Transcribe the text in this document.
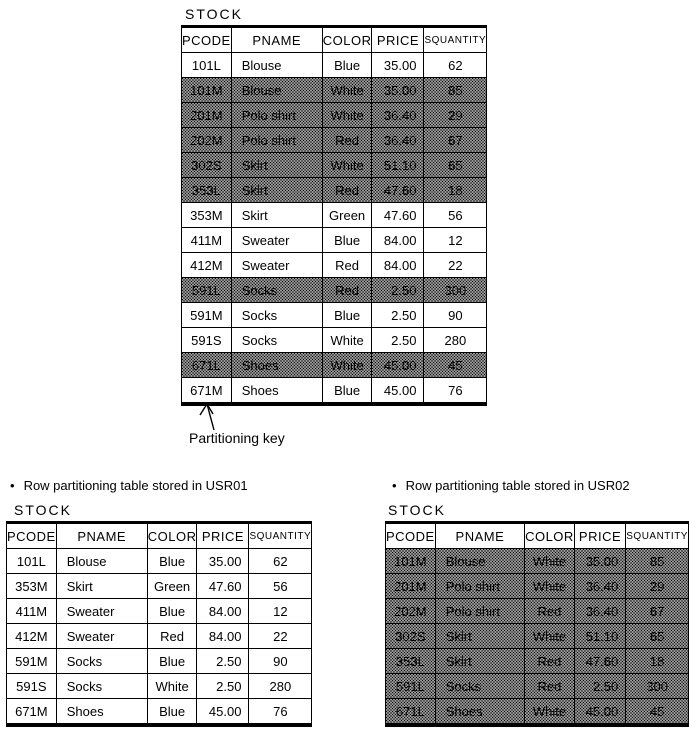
STOCK
PCODE	PNAME	COLOR	PRICE	SQUANTITY
101L	Blouse	Blue	35.00	62
101M	Blouse	White	35.00	85
201M	Polo shirt	White	36.40	29
202M	Polo shirt	Red	36.40	67
302S	Skirt	White	51.10	65
353L	Skirt	Red	47.60	18
353M	Skirt	Green	47.60	56
411M	Sweater	Blue	84.00	12
412M	Sweater	Red	84.00	22
591L	Socks	Red	2.50	300
591M	Socks	Blue	2.50	90
591S	Socks	White	2.50	280
671L	Shoes	White	45.00	45
671M	Shoes	Blue	45.00	76
Partitioning key
• Row partitioning table stored in USR01
STOCK
PCODE	PNAME	COLOR	PRICE	SQUANTITY
101L	Blouse	Blue	35.00	62
353M	Skirt	Green	47.60	56
411M	Sweater	Blue	84.00	12
412M	Sweater	Red	84.00	22
591M	Socks	Blue	2.50	90
591S	Socks	White	2.50	280
671M	Shoes	Blue	45.00	76
• Row partitioning table stored in USR02
STOCK
PCODE	PNAME	COLOR	PRICE	SQUANTITY
101M	Blouse	White	35.00	85
201M	Polo shirt	White	36.40	29
202M	Polo shirt	Red	36.40	67
302S	Skirt	White	51.10	65
353L	Skirt	Red	47.60	18
591L	Socks	Red	2.50	300
671L	Shoes	White	45.00	45
